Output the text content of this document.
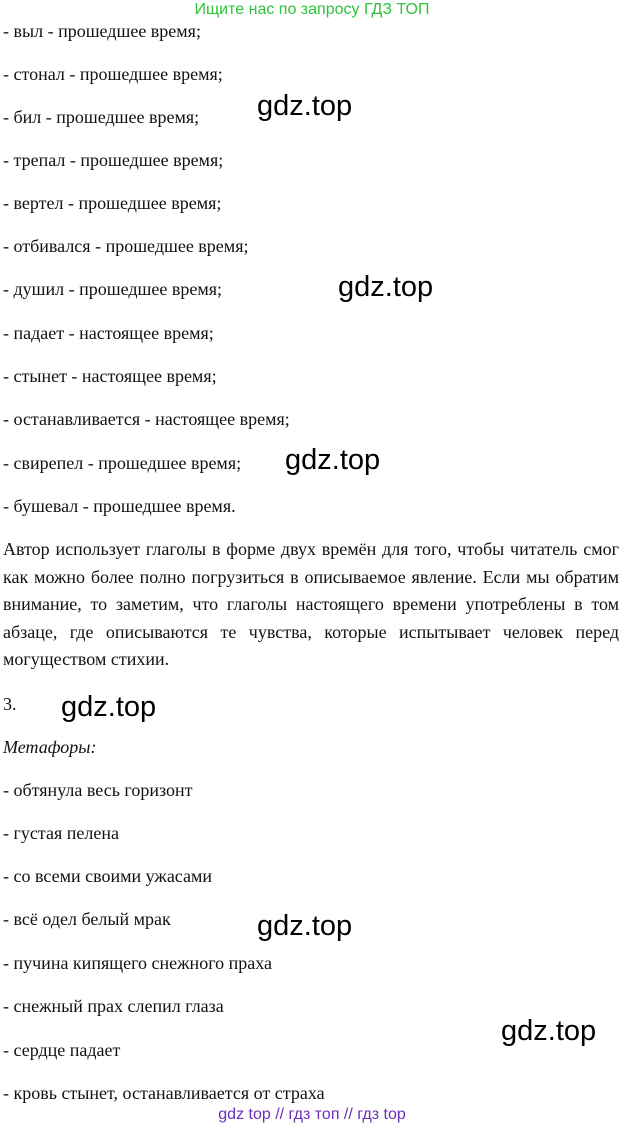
Ищите нас по запросу ГДЗ ТОП
- выл - прошедшее время;
- стонал - прошедшее время;
- бил - прошедшее время;
- трепал - прошедшее время;
- вертел - прошедшее время;
- отбивался - прошедшее время;
- душил - прошедшее время;
- падает - настоящее время;
- стынет - настоящее время;
- останавливается - настоящее время;
- свирепел - прошедшее время;
- бушевал - прошедшее время.
Автор использует глаголы в форме двух времён для того, чтобы читатель смог как можно более полно погрузиться в описываемое явление. Если мы обратим внимание, то заметим, что глаголы настоящего времени употреблены в том абзаце, где описываются те чувства, которые испытывает человек перед могуществом стихии.
3.
Метафоры:
- обтянула весь горизонт
- густая пелена
- со всеми своими ужасами
- всё одел белый мрак
- пучина кипящего снежного праха
- снежный прах слепил глаза
- сердце падает
- кровь стынет, останавливается от страха
gdz.top
gdz.top
gdz.top
gdz.top
gdz.top
gdz.top
gdz top // гдз топ // гдз top
